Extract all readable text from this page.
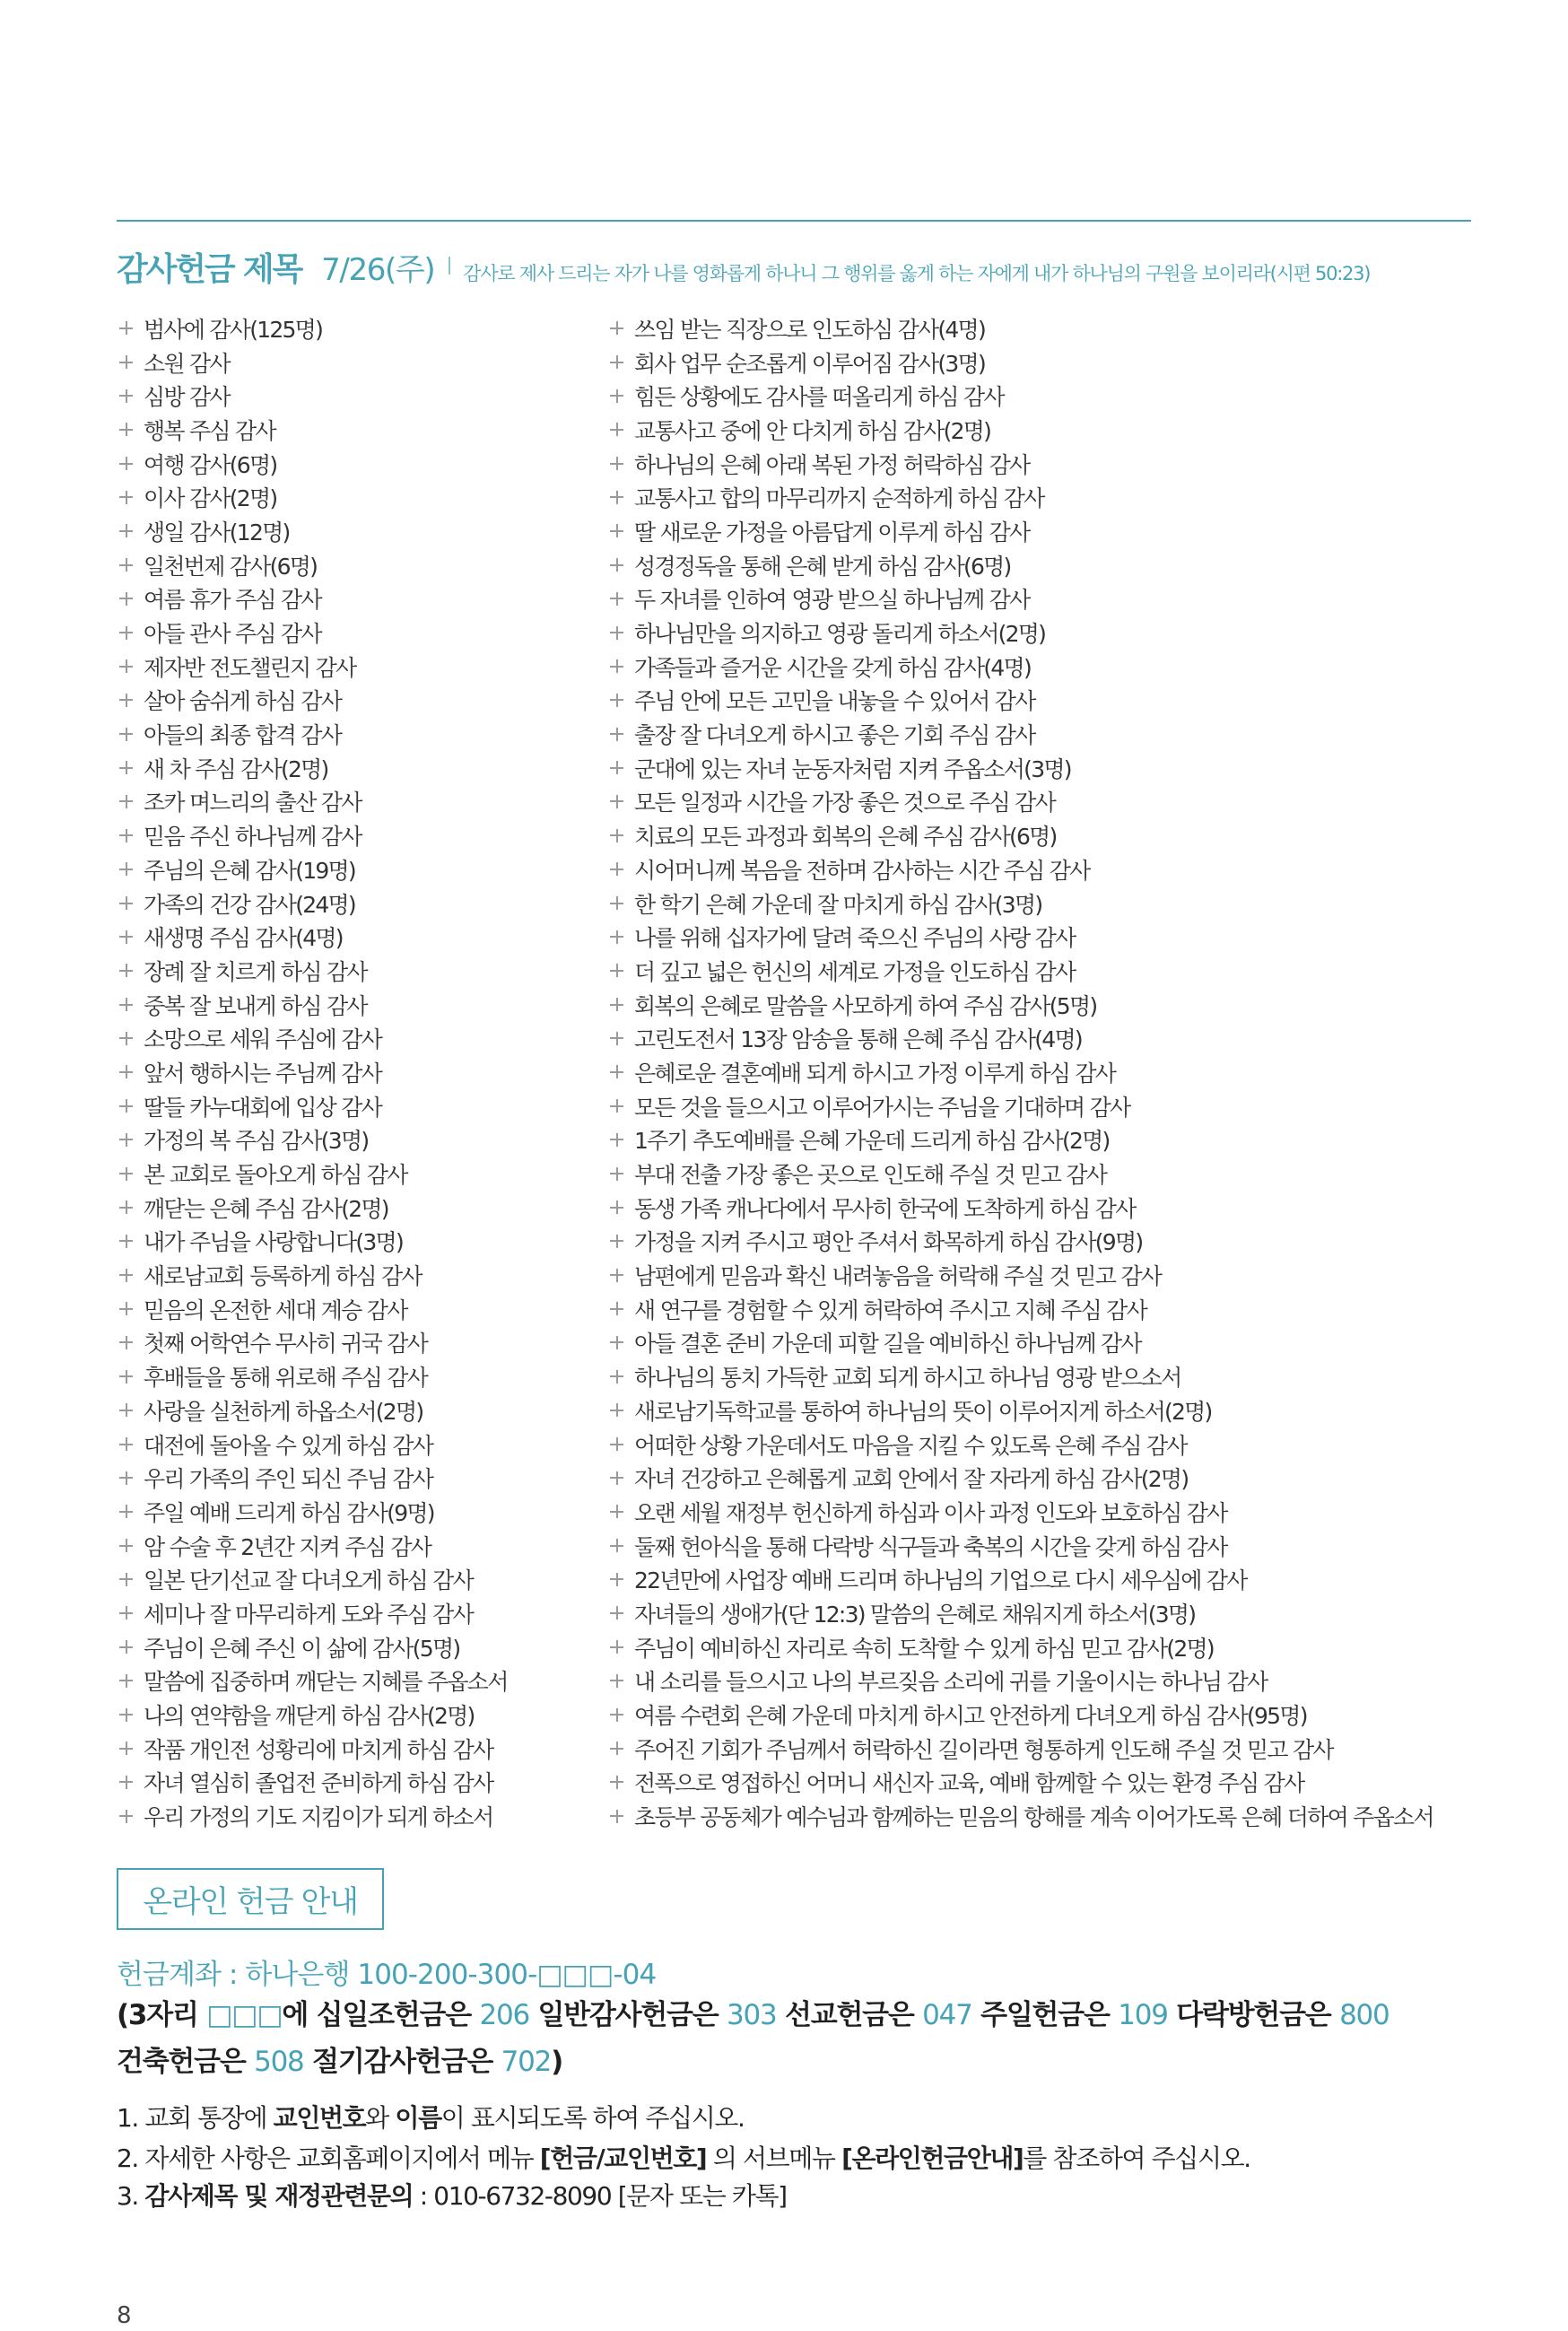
감사헌금 제목 7/26(주) 감사로 제사 드리는 자가 나를 영화롭게 하나니 그 행위를 옳게 하는 자에게 내가 하나님의 구원을 보이리라(시편 50:23)
범사에 감사(125명)
소원 감사
심방 감사
행복 주심 감사
여행 감사(6명)
이사 감사(2명)
생일 감사(12명)
일천번제 감사(6명)
여름 휴가 주심 감사
아들 관사 주심 감사
제자반 전도챌린지 감사
살아 숨쉬게 하심 감사
아들의 최종 합격 감사
새 차 주심 감사(2명)
조카 며느리의 출산 감사
믿음 주신 하나님께 감사
주님의 은혜 감사(19명)
가족의 건강 감사(24명)
새생명 주심 감사(4명)
장례 잘 치르게 하심 감사
중복 잘 보내게 하심 감사
소망으로 세워 주심에 감사
앞서 행하시는 주님께 감사
딸들 카누대회에 입상 감사
가정의 복 주심 감사(3명)
본 교회로 돌아오게 하심 감사
깨닫는 은혜 주심 감사(2명)
내가 주님을 사랑합니다(3명)
새로남교회 등록하게 하심 감사
믿음의 온전한 세대 계승 감사
첫째 어학연수 무사히 귀국 감사
후배들을 통해 위로해 주심 감사
사랑을 실천하게 하옵소서(2명)
대전에 돌아올 수 있게 하심 감사
우리 가족의 주인 되신 주님 감사
주일 예배 드리게 하심 감사(9명)
암 수술 후 2년간 지켜 주심 감사
일본 단기선교 잘 다녀오게 하심 감사
세미나 잘 마무리하게 도와 주심 감사
주님이 은혜 주신 이 삶에 감사(5명)
말씀에 집중하며 깨닫는 지혜를 주옵소서
나의 연약함을 깨닫게 하심 감사(2명)
작품 개인전 성황리에 마치게 하심 감사
자녀 열심히 졸업전 준비하게 하심 감사
우리 가정의 기도 지킴이가 되게 하소서
쓰임 받는 직장으로 인도하심 감사(4명)
회사 업무 순조롭게 이루어짐 감사(3명)
힘든 상황에도 감사를 떠올리게 하심 감사
교통사고 중에 안 다치게 하심 감사(2명)
하나님의 은혜 아래 복된 가정 허락하심 감사
교통사고 합의 마무리까지 순적하게 하심 감사
딸 새로운 가정을 아름답게 이루게 하심 감사
성경정독을 통해 은혜 받게 하심 감사(6명)
두 자녀를 인하여 영광 받으실 하나님께 감사
하나님만을 의지하고 영광 돌리게 하소서(2명)
가족들과 즐거운 시간을 갖게 하심 감사(4명)
주님 안에 모든 고민을 내놓을 수 있어서 감사
출장 잘 다녀오게 하시고 좋은 기회 주심 감사
군대에 있는 자녀 눈동자처럼 지켜 주옵소서(3명)
모든 일정과 시간을 가장 좋은 것으로 주심 감사
치료의 모든 과정과 회복의 은혜 주심 감사(6명)
시어머니께 복음을 전하며 감사하는 시간 주심 감사
한 학기 은혜 가운데 잘 마치게 하심 감사(3명)
나를 위해 십자가에 달려 죽으신 주님의 사랑 감사
더 깊고 넓은 헌신의 세계로 가정을 인도하심 감사
회복의 은혜로 말씀을 사모하게 하여 주심 감사(5명)
고린도전서 13장 암송을 통해 은혜 주심 감사(4명)
은혜로운 결혼예배 되게 하시고 가정 이루게 하심 감사
모든 것을 들으시고 이루어가시는 주님을 기대하며 감사
1주기 추도예배를 은혜 가운데 드리게 하심 감사(2명)
부대 전출 가장 좋은 곳으로 인도해 주실 것 믿고 감사
동생 가족 캐나다에서 무사히 한국에 도착하게 하심 감사
가정을 지켜 주시고 평안 주셔서 화목하게 하심 감사(9명)
남편에게 믿음과 확신 내려놓음을 허락해 주실 것 믿고 감사
새 연구를 경험할 수 있게 허락하여 주시고 지혜 주심 감사
아들 결혼 준비 가운데 피할 길을 예비하신 하나님께 감사
하나님의 통치 가득한 교회 되게 하시고 하나님 영광 받으소서
새로남기독학교를 통하여 하나님의 뜻이 이루어지게 하소서(2명)
어떠한 상황 가운데서도 마음을 지킬 수 있도록 은혜 주심 감사
자녀 건강하고 은혜롭게 교회 안에서 잘 자라게 하심 감사(2명)
오랜 세월 재정부 헌신하게 하심과 이사 과정 인도와 보호하심 감사
둘째 헌아식을 통해 다락방 식구들과 축복의 시간을 갖게 하심 감사
22년만에 사업장 예배 드리며 하나님의 기업으로 다시 세우심에 감사
자녀들의 생애가(단 12:3) 말씀의 은혜로 채워지게 하소서(3명)
주님이 예비하신 자리로 속히 도착할 수 있게 하심 믿고 감사(2명)
내 소리를 들으시고 나의 부르짖음 소리에 귀를 기울이시는 하나님 감사
여름 수련회 은혜 가운데 마치게 하시고 안전하게 다녀오게 하심 감사(95명)
주어진 기회가 주님께서 허락하신 길이라면 형통하게 인도해 주실 것 믿고 감사
전폭으로 영접하신 어머니 새신자 교육, 예배 함께할 수 있는 환경 주심 감사
초등부 공동체가 예수님과 함께하는 믿음의 항해를 계속 이어가도록 은혜 더하여 주옵소서
온라인 헌금 안내
헌금계좌 : 하나은행 100-200-300-□□□-04
(3자리 □□□에 십일조헌금은 206 일반감사헌금은 303 선교헌금은 047 주일헌금은 109 다락방헌금은 800
건축헌금은 508 절기감사헌금은 702)
1. 교회 통장에 교인번호와 이름이 표시되도록 하여 주십시오.
2. 자세한 사항은 교회홈페이지에서 메뉴 [헌금/교인번호] 의 서브메뉴 [온라인헌금안내]를 참조하여 주십시오.
3. 감사제목 및 재정관련문의 : 010-6732-8090 [문자 또는 카톡]
8
